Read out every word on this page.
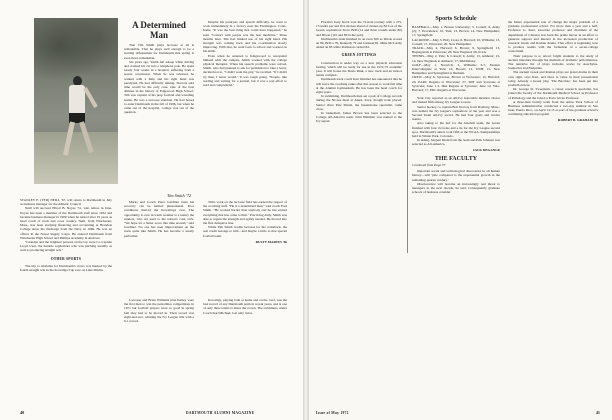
A Determined Man

That Tim Smith plays lacrosse at all is remarkable. That he plays well enough to be a starting defenseman for Dartmouth this spring is even more remarkable.

Six years ago, Smith fell asleep while driving and crashed his car into a telephone pole. He spent nearly four weeks in a hospital, suffering from a severe concussion. When he was released, he walked with a limp and his right hand was paralyzed. He had difficulty talking. Doctors said time would be the only cure. One of the best athletes in the history of Edgewood High School, Tim was captain of his prep football and wrestling teams. He was a lacrosse standout. He had hoped to enter Dartmouth in the fall of 1966, but when he came out of the hospital, college was out of the question.

Despite his paralysis and speech difficulty, he went to work immediately in a factory near his Farmington, Conn., home. "It was the best thing that could have happened," he said. "Contact with people was the best medicine." Three months later, Tim had limited use of his right hand. His strength was coming back and his coordination slowly improving. With that, he went back to school and worked on his skills.

Even when he returned to Kingswood to reacquaint himself with the campus, Smith worked with the college physical therapist. When his speech problems were solved, Smith, who had planned to ask for permission to take a leave, decided not to. "I didn't want the pity," he recalled. "If I didn't try then, I never would." It was tough going. "People, like reading and writing for a journal, but it was a real effort to read and comprehend."

Tim Smith '72

Marks and Coach Peter Gardiner feels his recovery can be termed phenomenal. Poor conditions marred the Kowalinga race. The opportunity to race in warm weather is a luxury the runners, who are used to the nation's cold, lack. "We hope for a better score this time around," said Gardiner. No one has seen improvement on the track quite like Smith. He has become a steady performer.

Tim's work on the lacrosse field has earned the respect of the coaching staff. "He is a determined man," said coach Fred Smith. "He worked harder than anybody and he has earned everything that has come to him." Practicing daily, Smith was able to regain the strength and agility needed. He moved into the first defensive line.

While Tim Smith credits lacrosse for his comeback, the real credit belongs to him - and maybe a little to that special football team.

RUSTY MARTIN '66

STANLEY E. (TED) NEILL '67, will return to Dartmouth in July as business manager for the Athletic Council.

Neill will succeed Elliott B. Noyes '31, who retires in June. Noyes has been a member of the Dartmouth staff since 1932 and became business manager in 1960 when he retired after 25 years as head coach of track and cross country. Neill, from Winchester, Mass., has been studying financing and accounting at Brandeis College since his discharge from the Navy in 1969. He was an officer in the Naval Supply Corps. He entered Dartmouth from Winchester High School and Phillips Academy in Andover.

"Grandpa and me brightest persons on the top were Co-Captain Lloyd Uses, the durable sophomore who was pitching steadily as well as producing straight sets."

OTHER SPORTS

The trip to Alabama for Dartmouth's crews was marked by the fourth straight win in the Kowaliga Cup race on Lake Martin.

Lacrosse and Brian Williams plus Kelley were the first men to win the pentathlon competitions in 1971 but football players were so good in spring ball they had to be moved in. Their record was eight-and-two, winning the Ivy League title with a 6-1 record.

Kowaliga, playing both at home and on the road, was the best record of any Dartmouth team in recent years, and is one of only three teams to share the crown. The swimmers, under Coach Karl Michael, lost only twice.

40	DARTMOUTH ALUMNI MAGAZINE

Florida's Gary Koch won the 72-hole tourney with a 275, 13 under par and five strokes ahead of runner-up Ed Lee of the Green, sophomore Steve Brill (14 and three rounds under 80) and Dixon (101 and 80 in the pair).

Dartmouth's team finished in an even 300 as Dixon scored an 80, Brill a 76, Kennedy 79 and Johnson 81. Mike McCarthy added an 83 while Robinson carded 84.

GREEN JOTTINGS

Construction is under way on a new physical education facility, which will be ready for use in the 1972-73 academic year. It will house the Davis Rink, a new track and an indoor tennis complex.

Dartmouth track coach Ken Weinbel has announced that he will leave the coaching ranks after this season to work full time at the Alumni Gymnasium. He has been the head coach for eight years.

In swimming, Dartmouth men set a pair of College records during the NCAA meet at Ames, Iowa, though none placed. Senior diver Pete Marsh, the breaststroke specialist, came close.

In basketball, James Brown has been selected to the College All-America team. John Dimmler was named to the Ivy squad.

Sports Schedule

BASEBALL—May 1, Boston University; 3, Cornell; 6, Army (2); 7, Providence; 10, Yale; 13, Brown; 14, New Hampshire; 17, Springfield.

LACROSSE—May 3, Holy Cross; 6, Harvard; 10, Williams; 13, Cornell; 17, Princeton; 20, New Hampshire.

TRACK—May 2, Harvard; 6, Brown; 9, Springfield; 13, Heptagonals at Princeton; 20, New England; 28, IC4A.

TENNIS—May 2, Yale; 6, Cornell; 9, Army; 13, Amherst; 13-14, New Englands at Amherst; 17, Middlebury.

GOLF—May 1, Norwich; 3, Williams; 6-7, Eastern Intercollegiate at Yale; 10, Brown; 12, UNH; 15, New Hampshire and Springfield at Durham.

CREW—May 6, Syracuse, Brown at Worcester; 13, Harvard; 20, EARC Regatta at Worcester; 27, MIT and Syracuse at Syracuse; June 1-3, IRA Regatta at Syracuse; June 14, Yale-Harvard; 17, ERC Regatta at Worcester.

York City reported as an All-Ivy honorable mention choice and ranked fifth among Ivy League scorers.

Senior hockey co-captain Bob Norton, from Roxbury, Mass., was named the Ivy league's sophomore of the year and was a Second Team All-Ivy award. He had four goals and twelve assists.

Also taking to the turf for the baseball team, the Green finished with four victories and a tie for the Ivy League second spot. Dartmouth's skiers took fifth at the NCAA championships held in Winter Park, Colorado.

In skiing, Sargent Klein from the team and Erik Johnsen was selected as All-America.

JACK DEGANGE
THE FACULTY
Continued from Page 37

important social and technological discoveries in all human history—will 'pale compared to the exponential growth in the remaining quarter century.'

Obsolescence will become an increasingly real threat to managers in the next decade, he said. Consequently graduate schools of business consider

the future exponential rate of change the major problem of a graduate professional school. For more than a year and a half, Professor G. Kurt, associate professor and chairman of the department of Classics, has been the prime mover in an effort to generate support and interest in the increased production of classical Greek and Roman drama. That effort is beginning now to produce results with the formation of a seven-college consortium.

Their purpose is to attract bright students to the study of ancient literature through the medium of dramatic performances. The tentative list of plays includes works by Aeschylus, Sophocles and Euripides.

The ancient Greek and Roman plays are grand drama in their own right, says Kurt, and there is value in their presentation today. Already a Greek play, 'The Bacchae,' has been put into production here.

Dr. George D. Sweetnam, a career research specialist, has joined the faculty of the Dartmouth Medical School as Professor of Pathology and the John La Porte Given Professor.

A three-man faculty team from the Amos Tuck School of Business Administration conducted a two-day seminar in San Juan, Puerto Rico, on April 14-15 as part of the graduate school's continuing education program.

ROBERT B. GRAHAM '40
Issue of May 1972	41
